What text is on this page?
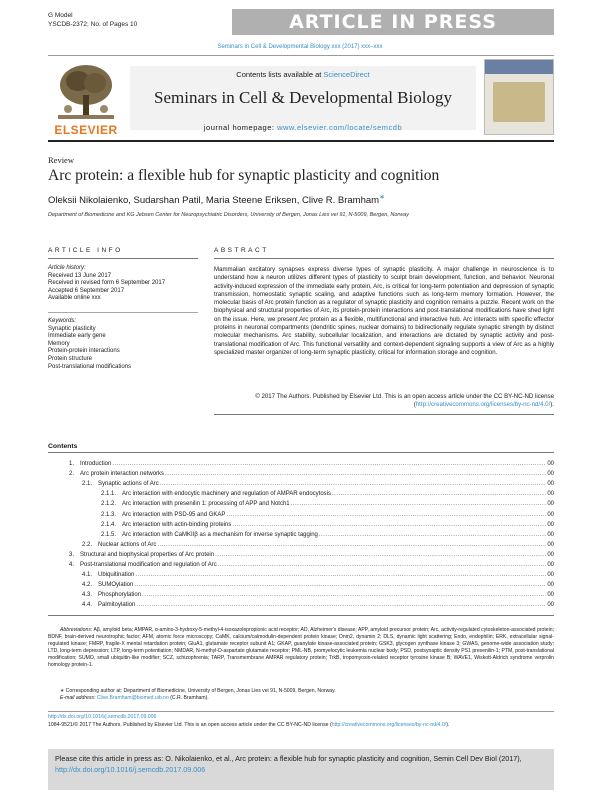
G Model
YSCDB-2372; No. of Pages 10	ARTICLE IN PRESS
Seminars in Cell & Developmental Biology xxx (2017) xxx–xxx
ELSEVIER
Contents lists available at ScienceDirect
Seminars in Cell & Developmental Biology
journal homepage: www.elsevier.com/locate/semcdb
Review
Arc protein: a flexible hub for synaptic plasticity and cognition
Oleksii Nikolaienko, Sudarshan Patil, Maria Steene Eriksen, Clive R. Bramham∗
Department of Biomedicine and KG Jebsen Center for Neuropsychiatric Disorders, University of Bergen, Jonas Lies vei 91, N-5009, Bergen, Norway
ARTICLE INFO	ABSTRACT
Article history:
Received 13 June 2017
Received in revised form 6 September 2017
Accepted 6 September 2017
Available online xxx
Keywords:
Synaptic plasticity
Immediate early gene
Memory
Protein-protein interactions
Protein structure
Post-translational modifications
Mammalian excitatory synapses express diverse types of synaptic plasticity. A major challenge in neuroscience is to understand how a neuron utilizes different types of plasticity to sculpt brain development, function, and behavior. Neuronal activity-induced expression of the immediate early protein, Arc, is critical for long-term potentiation and depression of synaptic transmission, homeostatic synaptic scaling, and adaptive functions such as long-term memory formation. However, the molecular basis of Arc protein function as a regulator of synaptic plasticity and cognition remains a puzzle. Recent work on the biophysical and structural properties of Arc, its protein-protein interactions and post-translational modifications have shed light on the issue. Here, we present Arc protein as a flexible, multifunctional and interactive hub. Arc interacts with specific effector proteins in neuronal compartments (dendritic spines, nuclear domains) to bidirectionally regulate synaptic strength by distinct molecular mechanisms. Arc stability, subcellular localization, and interactions are dictated by synaptic activity and post-translational modification of Arc. This functional versatility and context-dependent signaling supports a view of Arc as a highly specialized master organizer of long-term synaptic plasticity, critical for information storage and cognition.
© 2017 The Authors. Published by Elsevier Ltd. This is an open access article under the CC BY-NC-ND license (http://creativecommons.org/licenses/by-nc-nd/4.0/).
Contents
1. Introduction .....	00
2. Arc protein interaction networks .....	00
2.1. Synaptic actions of Arc .....	00
2.1.1. Arc interaction with endocytic machinery and regulation of AMPAR endocytosis .....	00
2.1.2. Arc interaction with presenilin 1: processing of APP and Notch1 .....	00
2.1.3. Arc interaction with PSD-95 and GKAP .....	00
2.1.4. Arc interaction with actin-binding proteins .....	00
2.1.5. Arc interaction with CaMKIIβ as a mechanism for inverse synaptic tagging .....	00
2.2. Nuclear actions of Arc .....	00
3. Structural and biophysical properties of Arc protein .....	00
4. Post-translational modification and regulation of Arc .....	00
4.1. Ubiquitination .....	00
4.2. SUMOylation .....	00
4.3. Phosphorylation .....	00
4.4. Palmitoylation .....	00
Abbreviations: Aβ, amyloid beta; AMPAR, α-amino-3-hydroxy-5-methyl-4-isoxazolepropionic acid receptor; AD, Alzheimer's disease; APP, amyloid precursor protein; Arc, activity-regulated cytoskeleton-associated protein; BDNF, brain-derived neurotrophic factor; AFM, atomic force microscopy; CaMK, calcium/calmodulin-dependent protein kinase; Dnm2, dynamin 2; DLS, dynamic light scattering; Endo, endophilin; ERK, extracellular signal-regulated kinase; FMRP, fragile-X mental retardation protein; GluA1, glutamate receptor subunit A1; GKAP, guanylate kinase-associated protein; GSK3, glycogen synthase kinase 3; GWAS, genome-wide association study; LTD, long-term depression; LTP, long-term potentiation; NMDAR, N-methyl-D-aspartate glutamate receptor; PML-NB, promyelocytic leukemia nuclear body; PSD, postsynaptic density PS1 presenilin-1; PTM, post-translational modification; SUMO, small ubiquitin-like modifier; SCZ, schizophrenia; TARP, Transmembrane AMPAR regulatory protein; TrkB, tropomyosin-related receptor tyrosine kinase B; WAVE1, Wiskott-Aldrich syndrome verprolin homology protein-1.
∗ Corresponding author at: Department of Biomedicine, University of Bergen, Jonas Lies vei 91, N-5009, Bergen, Norway.
E-mail address: Clive.Bramham@biomed.uib.no (C.R. Bramham).
http://dx.doi.org/10.1016/j.semcdb.2017.09.006
1084-9521/© 2017 The Authors. Published by Elsevier Ltd. This is an open access article under the CC BY-NC-ND license (http://creativecommons.org/licenses/by-nc-nd/4.0/).
Please cite this article in press as: O. Nikolaienko, et al., Arc protein: a flexible hub for synaptic plasticity and cognition, Semin Cell Dev Biol (2017), http://dx.doi.org/10.1016/j.semcdb.2017.09.006
